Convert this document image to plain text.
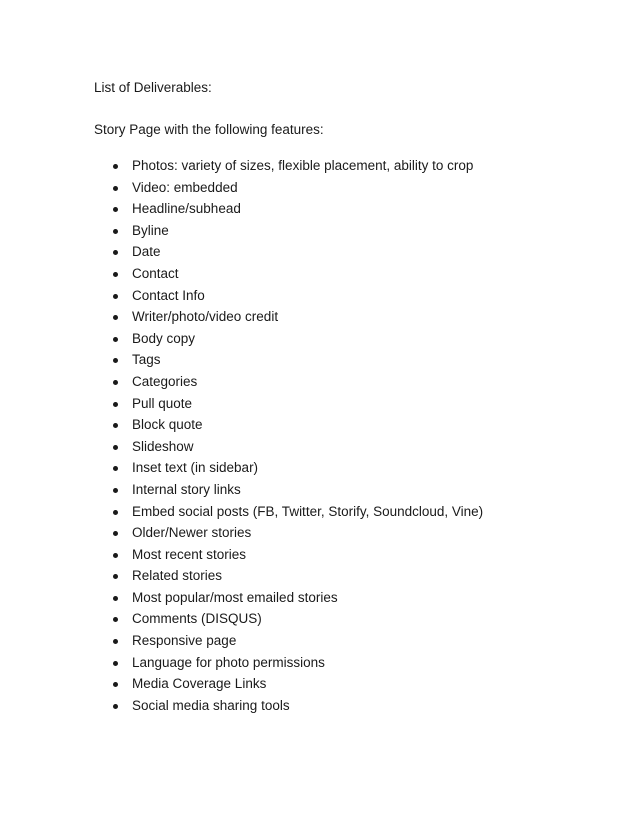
List of Deliverables:
Story Page with the following features:
Photos: variety of sizes, flexible placement, ability to crop
Video: embedded
Headline/subhead
Byline
Date
Contact
Contact Info
Writer/photo/video credit
Body copy
Tags
Categories
Pull quote
Block quote
Slideshow
Inset text (in sidebar)
Internal story links
Embed social posts (FB, Twitter, Storify, Soundcloud, Vine)
Older/Newer stories
Most recent stories
Related stories
Most popular/most emailed stories
Comments (DISQUS)
Responsive page
Language for photo permissions
Media Coverage Links
Social media sharing tools
